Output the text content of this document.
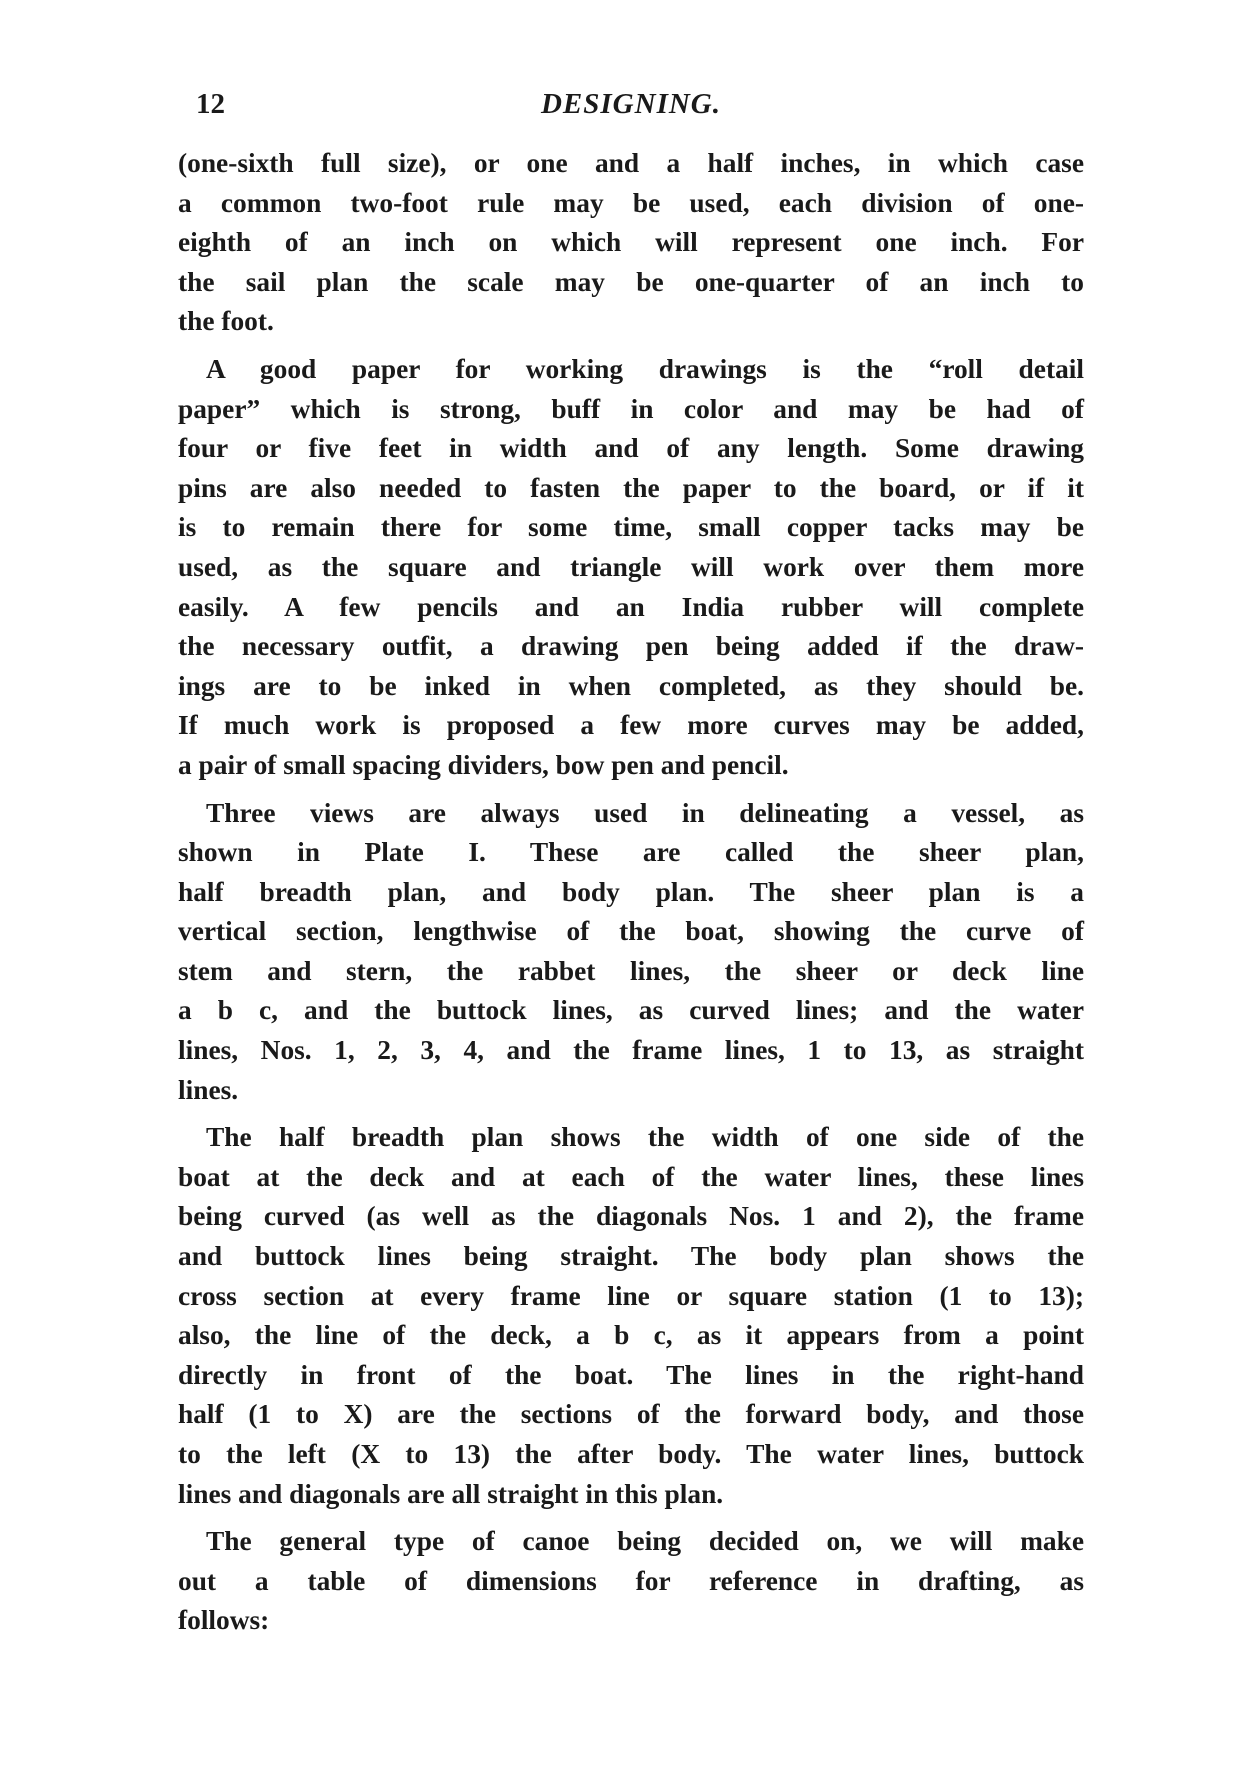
12	DESIGNING.

(one-sixth full size), or one and a half inches, in which case
a common two-foot rule may be used, each division of one-
eighth of an inch on which will represent one inch. For
the sail plan the scale may be one-quarter of an inch to
the foot.

A good paper for working drawings is the “roll detail
paper” which is strong, buff in color and may be had of
four or five feet in width and of any length. Some drawing
pins are also needed to fasten the paper to the board, or if it
is to remain there for some time, small copper tacks may be
used, as the square and triangle will work over them more
easily. A few pencils and an India rubber will complete
the necessary outfit, a drawing pen being added if the draw-
ings are to be inked in when completed, as they should be.
If much work is proposed a few more curves may be added,
a pair of small spacing dividers, bow pen and pencil.

Three views are always used in delineating a vessel, as
shown in Plate I. These are called the sheer plan,
half breadth plan, and body plan. The sheer plan is a
vertical section, lengthwise of the boat, showing the curve of
stem and stern, the rabbet lines, the sheer or deck line
a b c, and the buttock lines, as curved lines; and the water
lines, Nos. 1, 2, 3, 4, and the frame lines, 1 to 13, as straight
lines.

The half breadth plan shows the width of one side of the
boat at the deck and at each of the water lines, these lines
being curved (as well as the diagonals Nos. 1 and 2), the frame
and buttock lines being straight. The body plan shows the
cross section at every frame line or square station (1 to 13);
also, the line of the deck, a b c, as it appears from a point
directly in front of the boat. The lines in the right-hand
half (1 to X) are the sections of the forward body, and those
to the left (X to 13) the after body. The water lines, buttock
lines and diagonals are all straight in this plan.

The general type of canoe being decided on, we will make
out a table of dimensions for reference in drafting, as
follows:
